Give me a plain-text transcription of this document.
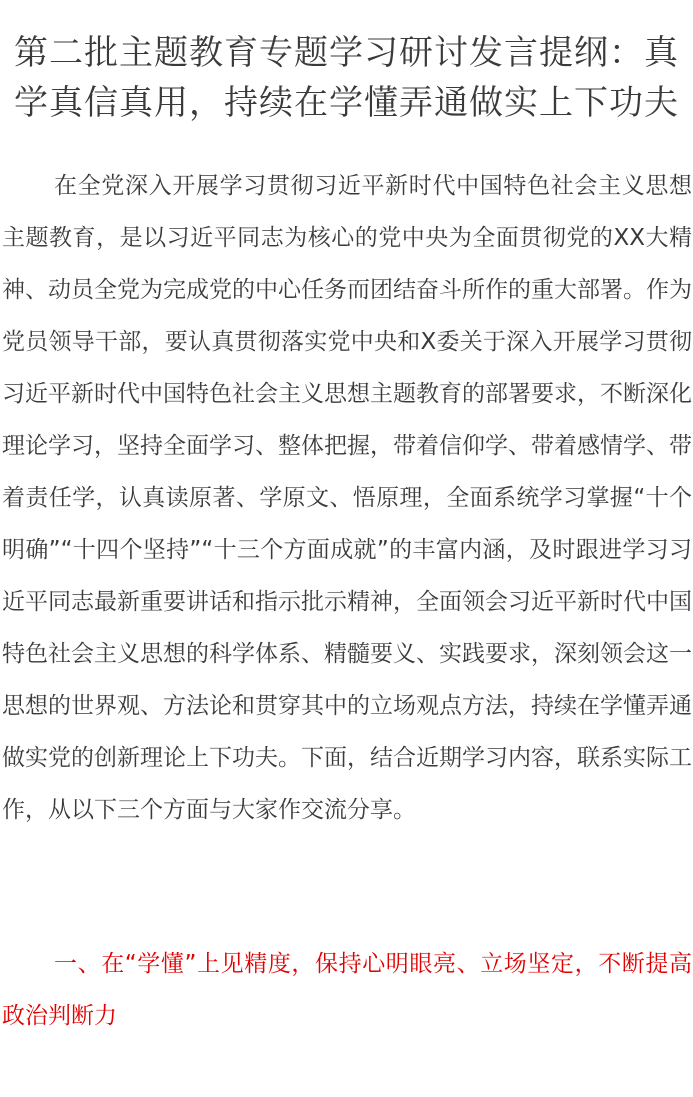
第二批主题教育专题学习研讨发言提纲：真学真信真用，持续在学懂弄通做实上下功夫

在全党深入开展学习贯彻习近平新时代中国特色社会主义思想主题教育，是以习近平同志为核心的党中央为全面贯彻党的XX大精神、动员全党为完成党的中心任务而团结奋斗所作的重大部署。作为党员领导干部，要认真贯彻落实党中央和X委关于深入开展学习贯彻习近平新时代中国特色社会主义思想主题教育的部署要求，不断深化理论学习，坚持全面学习、整体把握，带着信仰学、带着感情学、带着责任学，认真读原著、学原文、悟原理，全面系统学习掌握“十个明确”“十四个坚持”“十三个方面成就”的丰富内涵，及时跟进学习习近平同志最新重要讲话和指示批示精神，全面领会习近平新时代中国特色社会主义思想的科学体系、精髓要义、实践要求，深刻领会这一思想的世界观、方法论和贯穿其中的立场观点方法，持续在学懂弄通做实党的创新理论上下功夫。下面，结合近期学习内容，联系实际工作，从以下三个方面与大家作交流分享。

一、在“学懂”上见精度，保持心明眼亮、立场坚定，不断提高政治判断力
